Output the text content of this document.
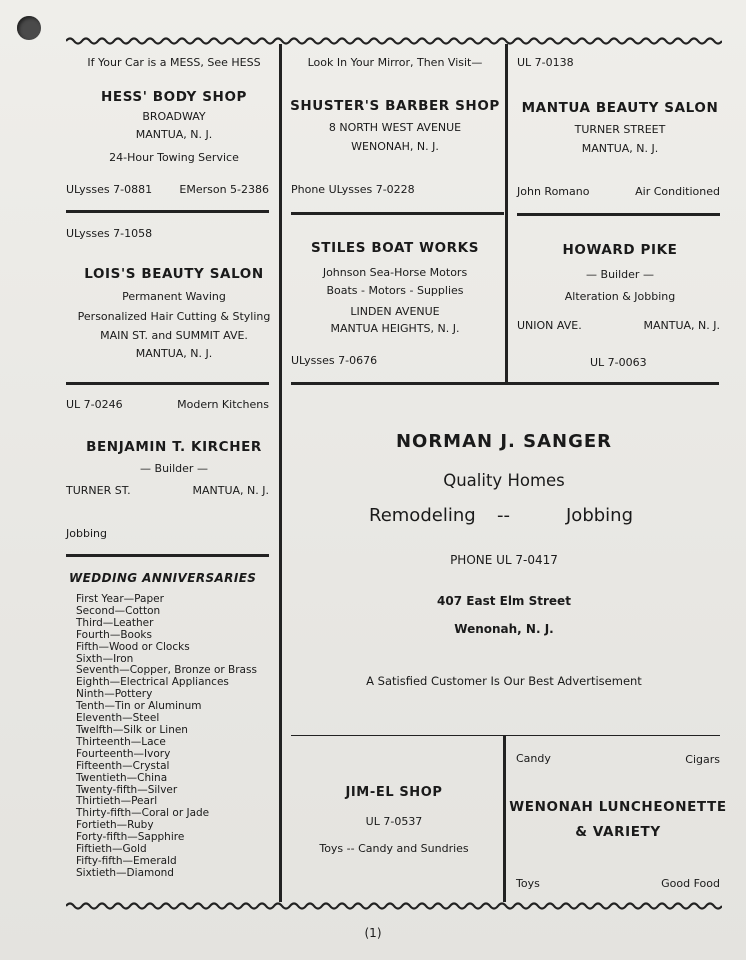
If Your Car is a MESS, See HESS
HESS' BODY SHOP
BROADWAY
MANTUA, N. J.
24-Hour Towing Service
ULysses 7-0881	EMerson 5-2386
Look In Your Mirror, Then Visit—
SHUSTER'S BARBER SHOP
8 NORTH WEST AVENUE
WENONAH, N. J.
Phone ULysses 7-0228
UL 7-0138
MANTUA BEAUTY SALON
TURNER STREET
MANTUA, N. J.
John Romano	Air Conditioned
ULysses 7-1058
LOIS'S BEAUTY SALON
Permanent Waving
Personalized Hair Cutting & Styling
MAIN ST. and SUMMIT AVE.
MANTUA, N. J.
STILES BOAT WORKS
Johnson Sea-Horse Motors
Boats - Motors - Supplies
LINDEN AVENUE
MANTUA HEIGHTS, N. J.
ULysses 7-0676
HOWARD PIKE
— Builder —
Alteration & Jobbing
UNION AVE.	MANTUA, N. J.
UL 7-0063
UL 7-0246	Modern Kitchens
BENJAMIN T. KIRCHER
— Builder —
TURNER ST.	MANTUA, N. J.
Jobbing
NORMAN J. SANGER
Quality Homes
Remodeling --	Jobbing
PHONE UL 7-0417
407 East Elm Street
Wenonah, N. J.
A Satisfied Customer Is Our Best Advertisement
WEDDING ANNIVERSARIES
First Year—Paper
Second—Cotton
Third—Leather
Fourth—Books
Fifth—Wood or Clocks
Sixth—Iron
Seventh—Copper, Bronze or Brass
Eighth—Electrical Appliances
Ninth—Pottery
Tenth—Tin or Aluminum
Eleventh—Steel
Twelfth—Silk or Linen
Thirteenth—Lace
Fourteenth—Ivory
Fifteenth—Crystal
Twentieth—China
Twenty-fifth—Silver
Thirtieth—Pearl
Thirty-fifth—Coral or Jade
Fortieth—Ruby
Forty-fifth—Sapphire
Fiftieth—Gold
Fifty-fifth—Emerald
Sixtieth—Diamond
JIM-EL SHOP
UL 7-0537
Toys -- Candy and Sundries
Candy	Cigars
WENONAH LUNCHEONETTE
& VARIETY
Toys	Good Food
(1)
